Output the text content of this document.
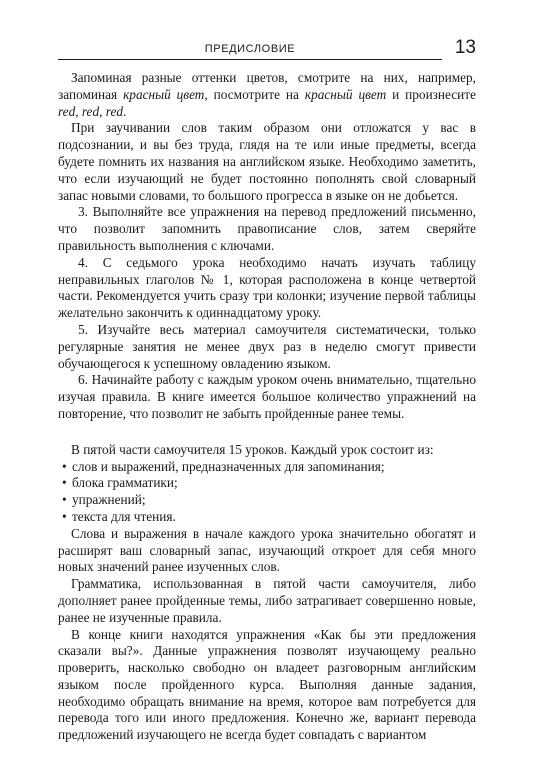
ПРЕДИСЛОВИЕ	13

Запоминая разные оттенки цветов, смотрите на них, например, запоминая красный цвет, посмотрите на красный цвет и произнесите red, red, red.

При заучивании слов таким образом они отложатся у вас в подсознании, и вы без труда, глядя на те или иные предметы, всегда будете помнить их названия на английском языке. Необходимо заметить, что если изучающий не будет постоянно пополнять свой словарный запас новыми словами, то большого прогресса в языке он не добьется.

3. Выполняйте все упражнения на перевод предложений письменно, что позволит запомнить правописание слов, затем сверяйте правильность выполнения с ключами.

4. С седьмого урока необходимо начать изучать таблицу неправильных глаголов № 1, которая расположена в конце четвертой части. Рекомендуется учить сразу три колонки; изучение первой таблицы желательно закончить к одиннадцатому уроку.

5. Изучайте весь материал самоучителя систематически, только регулярные занятия не менее двух раз в неделю смогут привести обучающегося к успешному овладению языком.

6. Начинайте работу с каждым уроком очень внимательно, тщательно изучая правила. В книге имеется большое количество упражнений на повторение, что позволит не забыть пройденные ранее темы.

В пятой части самоучителя 15 уроков. Каждый урок состоит из:

• слов и выражений, предназначенных для запоминания;

• блока грамматики;

• упражнений;

• текста для чтения.

Слова и выражения в начале каждого урока значительно обогатят и расширят ваш словарный запас, изучающий откроет для себя много новых значений ранее изученных слов.

Грамматика, использованная в пятой части самоучителя, либо дополняет ранее пройденные темы, либо затрагивает совершенно новые, ранее не изученные правила.

В конце книги находятся упражнения «Как бы эти предложения сказали вы?». Данные упражнения позволят изучающему реально проверить, насколько свободно он владеет разговорным английским языком после пройденного курса. Выполняя данные задания, необходимо обращать внимание на время, которое вам потребуется для перевода того или иного предложения. Конечно же, вариант перевода предложений изучающего не всегда будет совпадать с вариантом
